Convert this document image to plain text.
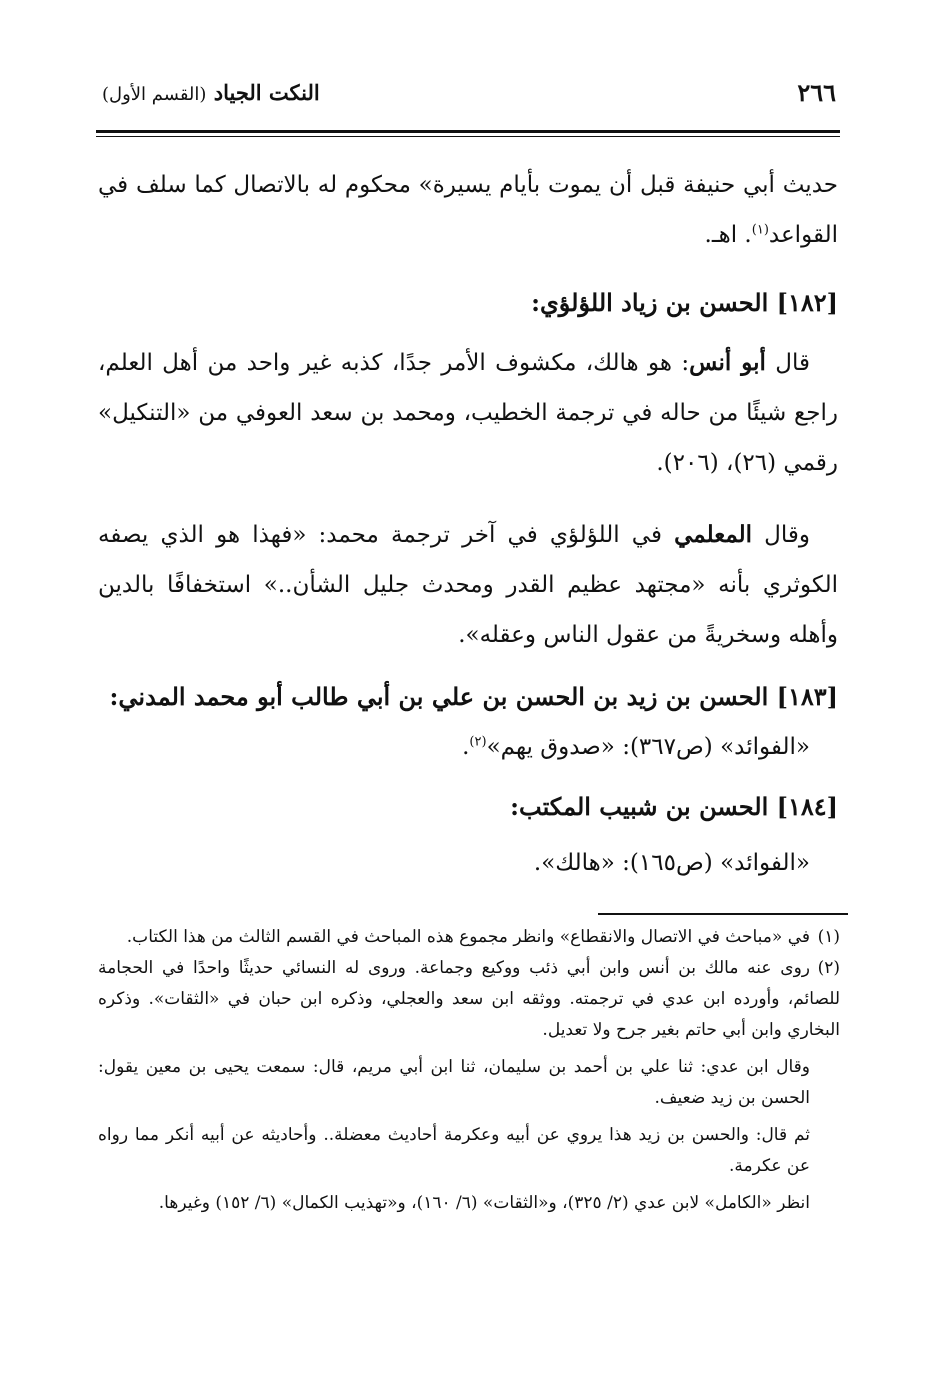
النكت الجياد (القسم الأول)	٢٦٦

حديث أبي حنيفة قبل أن يموت بأيام يسيرة» محكوم له بالاتصال كما سلف في القواعد$^{(١)}$. اهـ.

[١٨٢] الحسن بن زياد اللؤلؤي:

قال أبو أنس: هو هالك، مكشوف الأمر جدًا، كذبه غير واحد من أهل العلم، راجع شيئًا من حاله في ترجمة الخطيب، ومحمد بن سعد العوفي من «التنكيل» رقمي (٢٦)، (٢٠٦).

وقال المعلمي في اللؤلؤي في آخر ترجمة محمد: «فهذا هو الذي يصفه الكوثري بأنه «مجتهد عظيم القدر ومحدث جليل الشأن..» استخفافًا بالدين وأهله وسخريةً من عقول الناس وعقله».

[١٨٣] الحسن بن زيد بن الحسن بن علي بن أبي طالب أبو محمد المدني:

«الفوائد» (ص٣٦٧): «صدوق يهم»$^{(٢)}$.

[١٨٤] الحسن بن شبيب المكتب:

«الفوائد» (ص١٦٥): «هالك».

(١)في «مباحث في الاتصال والانقطاع» وانظر مجموع هذه المباحث في القسم الثالث من هذا الكتاب.

(٢)روى عنه مالك بن أنس وابن أبي ذئب ووكيع وجماعة. وروى له النسائي حديثًا واحدًا في الحجامة للصائم، وأورده ابن عدي في ترجمته. ووثقه ابن سعد والعجلي، وذكره ابن حبان في «الثقات». وذكره البخاري وابن أبي حاتم بغير جرح ولا تعديل.

وقال ابن عدي: ثنا علي بن أحمد بن سليمان، ثنا ابن أبي مريم، قال: سمعت يحيى بن معين يقول: الحسن بن زيد ضعيف.

ثم قال: والحسن بن زيد هذا يروي عن أبيه وعكرمة أحاديث معضلة.. وأحاديثه عن أبيه أنكر مما رواه عن عكرمة.

انظر «الكامل» لابن عدي (٢/ ٣٢٥)، و«الثقات» (٦/ ١٦٠)، و«تهذيب الكمال» (٦/ ١٥٢) وغيرها.
